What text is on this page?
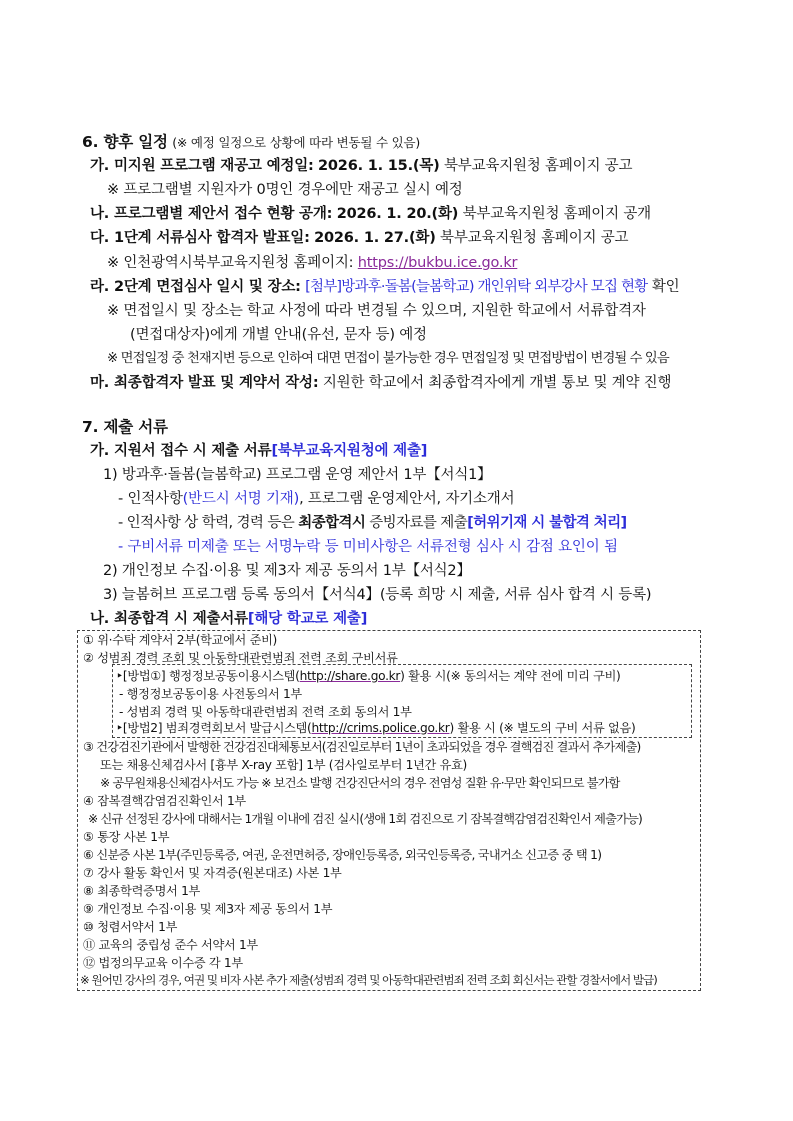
6. 향후 일정 (※ 예정 일정으로 상황에 따라 변동될 수 있음)
가. 미지원 프로그램 재공고 예정일: 2026. 1. 15.(목) 북부교육지원청 홈페이지 공고
※ 프로그램별 지원자가 0명인 경우에만 재공고 실시 예정
나. 프로그램별 제안서 접수 현황 공개: 2026. 1. 20.(화) 북부교육지원청 홈페이지 공개
다. 1단계 서류심사 합격자 발표일: 2026. 1. 27.(화) 북부교육지원청 홈페이지 공고
※ 인천광역시북부교육지원청 홈페이지: https://bukbu.ice.go.kr
라. 2단계 면접심사 일시 및 장소: [첨부]방과후·돌봄(늘봄학교) 개인위탁 외부강사 모집 현황 확인
※ 면접일시 및 장소는 학교 사정에 따라 변경될 수 있으며, 지원한 학교에서 서류합격자
(면접대상자)에게 개별 안내(유선, 문자 등) 예정
※ 면접일정 중 천재지변 등으로 인하여 대면 면접이 불가능한 경우 면접일정 및 면접방법이 변경될 수 있음
마. 최종합격자 발표 및 계약서 작성: 지원한 학교에서 최종합격자에게 개별 통보 및 계약 진행
7. 제출 서류
가. 지원서 접수 시 제출 서류[북부교육지원청에 제출]
1) 방과후·돌봄(늘봄학교) 프로그램 운영 제안서 1부【서식1】
- 인적사항(반드시 서명 기재), 프로그램 운영제안서, 자기소개서
- 인적사항 상 학력, 경력 등은 최종합격시 증빙자료를 제출[허위기재 시 불합격 처리]
- 구비서류 미제출 또는 서명누락 등 미비사항은 서류전형 심사 시 감점 요인이 됨
2) 개인정보 수집·이용 및 제3자 제공 동의서 1부【서식2】
3) 늘봄허브 프로그램 등록 동의서【서식4】(등록 희망 시 제출, 서류 심사 합격 시 등록)
나. 최종합격 시 제출서류[해당 학교로 제출]
① 위·수탁 계약서 2부(학교에서 준비)
② 성범죄 경력 조회 및 아동학대관련범죄 전력 조회 구비서류
‣[방법①] 행정정보공동이용시스템(http://share.go.kr) 활용 시(※ 동의서는 계약 전에 미리 구비)
- 행정정보공동이용 사전동의서 1부
- 성범죄 경력 및 아동학대관련범죄 전력 조회 동의서 1부
‣[방법2] 범죄경력회보서 발급시스템(http://crims.police.go.kr) 활용 시 (※ 별도의 구비 서류 없음)
③ 건강검진기관에서 발행한 건강검진대체통보서(검진일로부터 1년이 초과되었을 경우 결핵검진 결과서 추가제출)
또는 채용신체검사서 [흉부 X-ray 포함] 1부 (검사일로부터 1년간 유효)
※ 공무원채용신체검사서도 가능 ※ 보건소 발행 건강진단서의 경우 전염성 질환 유·무만 확인되므로 불가함
④ 잠복결핵감염검진확인서 1부
※ 신규 선정된 강사에 대해서는 1개월 이내에 검진 실시(생애 1회 검진으로 기 잠복결핵감염검진확인서 제출가능)
⑤ 통장 사본 1부
⑥ 신분증 사본 1부(주민등록증, 여권, 운전면허증, 장애인등록증, 외국인등록증, 국내거소 신고증 중 택 1)
⑦ 강사 활동 확인서 및 자격증(원본대조) 사본 1부
⑧ 최종학력증명서 1부
⑨ 개인정보 수집·이용 및 제3자 제공 동의서 1부
⑩ 청렴서약서 1부
⑪ 교육의 중립성 준수 서약서 1부
⑫ 법정의무교육 이수증 각 1부
※ 원어민 강사의 경우, 여권 및 비자 사본 추가 제출(성범죄 경력 및 아동학대관련범죄 전력 조회 회신서는 관할 경찰서에서 발급)
